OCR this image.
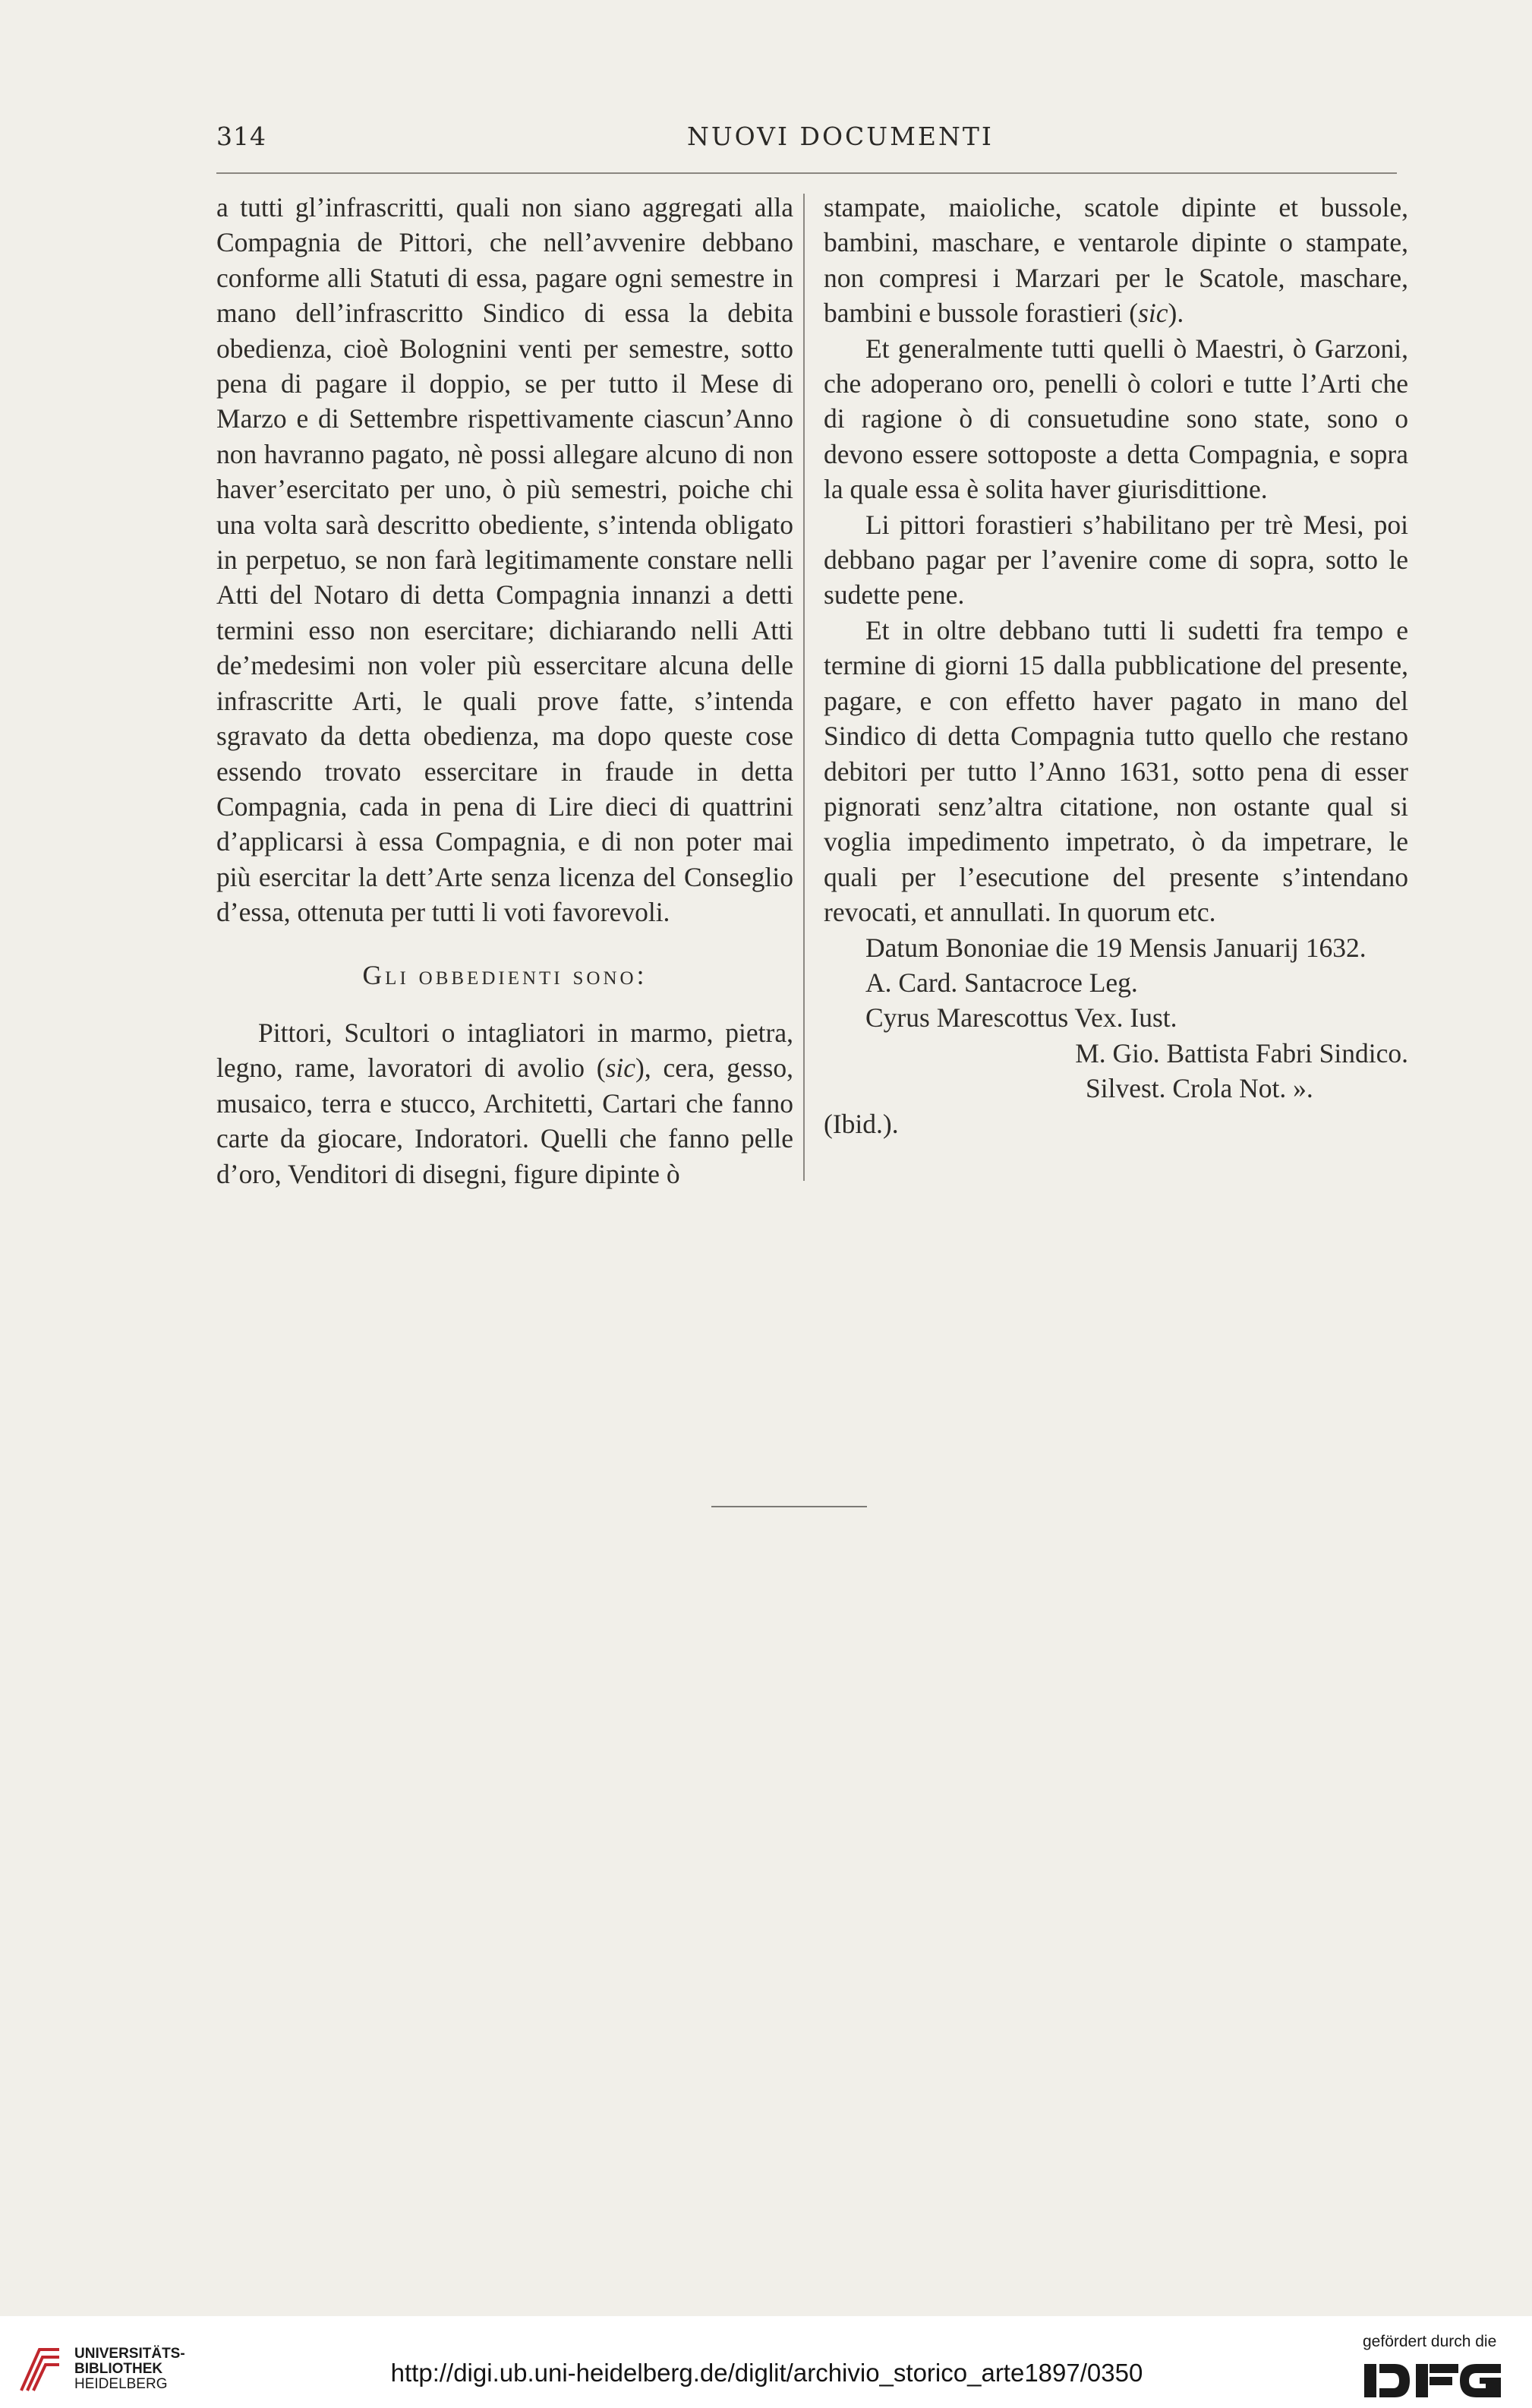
314	NUOVI DOCUMENTI

a tutti gl’infrascritti, quali non siano aggregati alla Compagnia de Pittori, che nell’avvenire debbano conforme alli Statuti di essa, pagare ogni semestre in mano dell’infrascritto Sindico di essa la debita obedienza, cioè Bolognini venti per semestre, sotto pena di pagare il doppio, se per tutto il Mese di Marzo e di Settembre rispettivamente ciascun’Anno non havranno pagato, nè possi allegare alcuno di non haver’esercitato per uno, ò più semestri, poiche chi una volta sarà descritto obediente, s’intenda obligato in perpetuo, se non farà legitimamente constare nelli Atti del Notaro di detta Compagnia innanzi a detti termini esso non esercitare; dichiarando nelli Atti de’medesimi non voler più essercitare alcuna delle infrascritte Arti, le quali prove fatte, s’intenda sgravato da detta obedienza, ma dopo queste cose essendo trovato essercitare in fraude in detta Compagnia, cada in pena di Lire dieci di quattrini d’applicarsi à essa Compagnia, e di non poter mai più esercitar la dett’Arte senza licenza del Conseglio d’essa, ottenuta per tutti li voti favorevoli.

Gli obbedienti sono:

Pittori, Scultori o intagliatori in marmo, pietra, legno, rame, lavoratori di avolio (sic), cera, gesso, musaico, terra e stucco, Architetti, Cartari che fanno carte da giocare, Indoratori. Quelli che fanno pelle d’oro, Venditori di disegni, figure dipinte ò

stampate, maioliche, scatole dipinte et bussole, bambini, maschare, e ventarole dipinte o stampate, non compresi i Marzari per le Scatole, maschare, bambini e bussole forastieri (sic).

Et generalmente tutti quelli ò Maestri, ò Garzoni, che adoperano oro, penelli ò colori e tutte l’Arti che di ragione ò di consuetudine sono state, sono o devono essere sottoposte a detta Compagnia, e sopra la quale essa è solita haver giurisdittione.

Li pittori forastieri s’habilitano per trè Mesi, poi debbano pagar per l’avenire come di sopra, sotto le sudette pene.

Et in oltre debbano tutti li sudetti fra tempo e termine di giorni 15 dalla pubblicatione del presente, pagare, e con effetto haver pagato in mano del Sindico di detta Compagnia tutto quello che restano debitori per tutto l’Anno 1631, sotto pena di esser pignorati senz’altra citatione, non ostante qual si voglia impedimento impetrato, ò da impetrare, le quali per l’esecutione del presente s’intendano revocati, et annullati. In quorum etc.

Datum Bononiae die 19 Mensis Januarij 1632.

A. Card. Santacroce Leg.

Cyrus Marescottus Vex. Iust.

M. Gio. Battista Fabri Sindico.

Silvest. Crola Not. ».

(Ibid.).

UNIVERSITÄTS-
BIBLIOTHEK
HEIDELBERG	http://digi.ub.uni-heidelberg.de/diglit/archivio_storico_arte1897/0350
gefördert durch die
